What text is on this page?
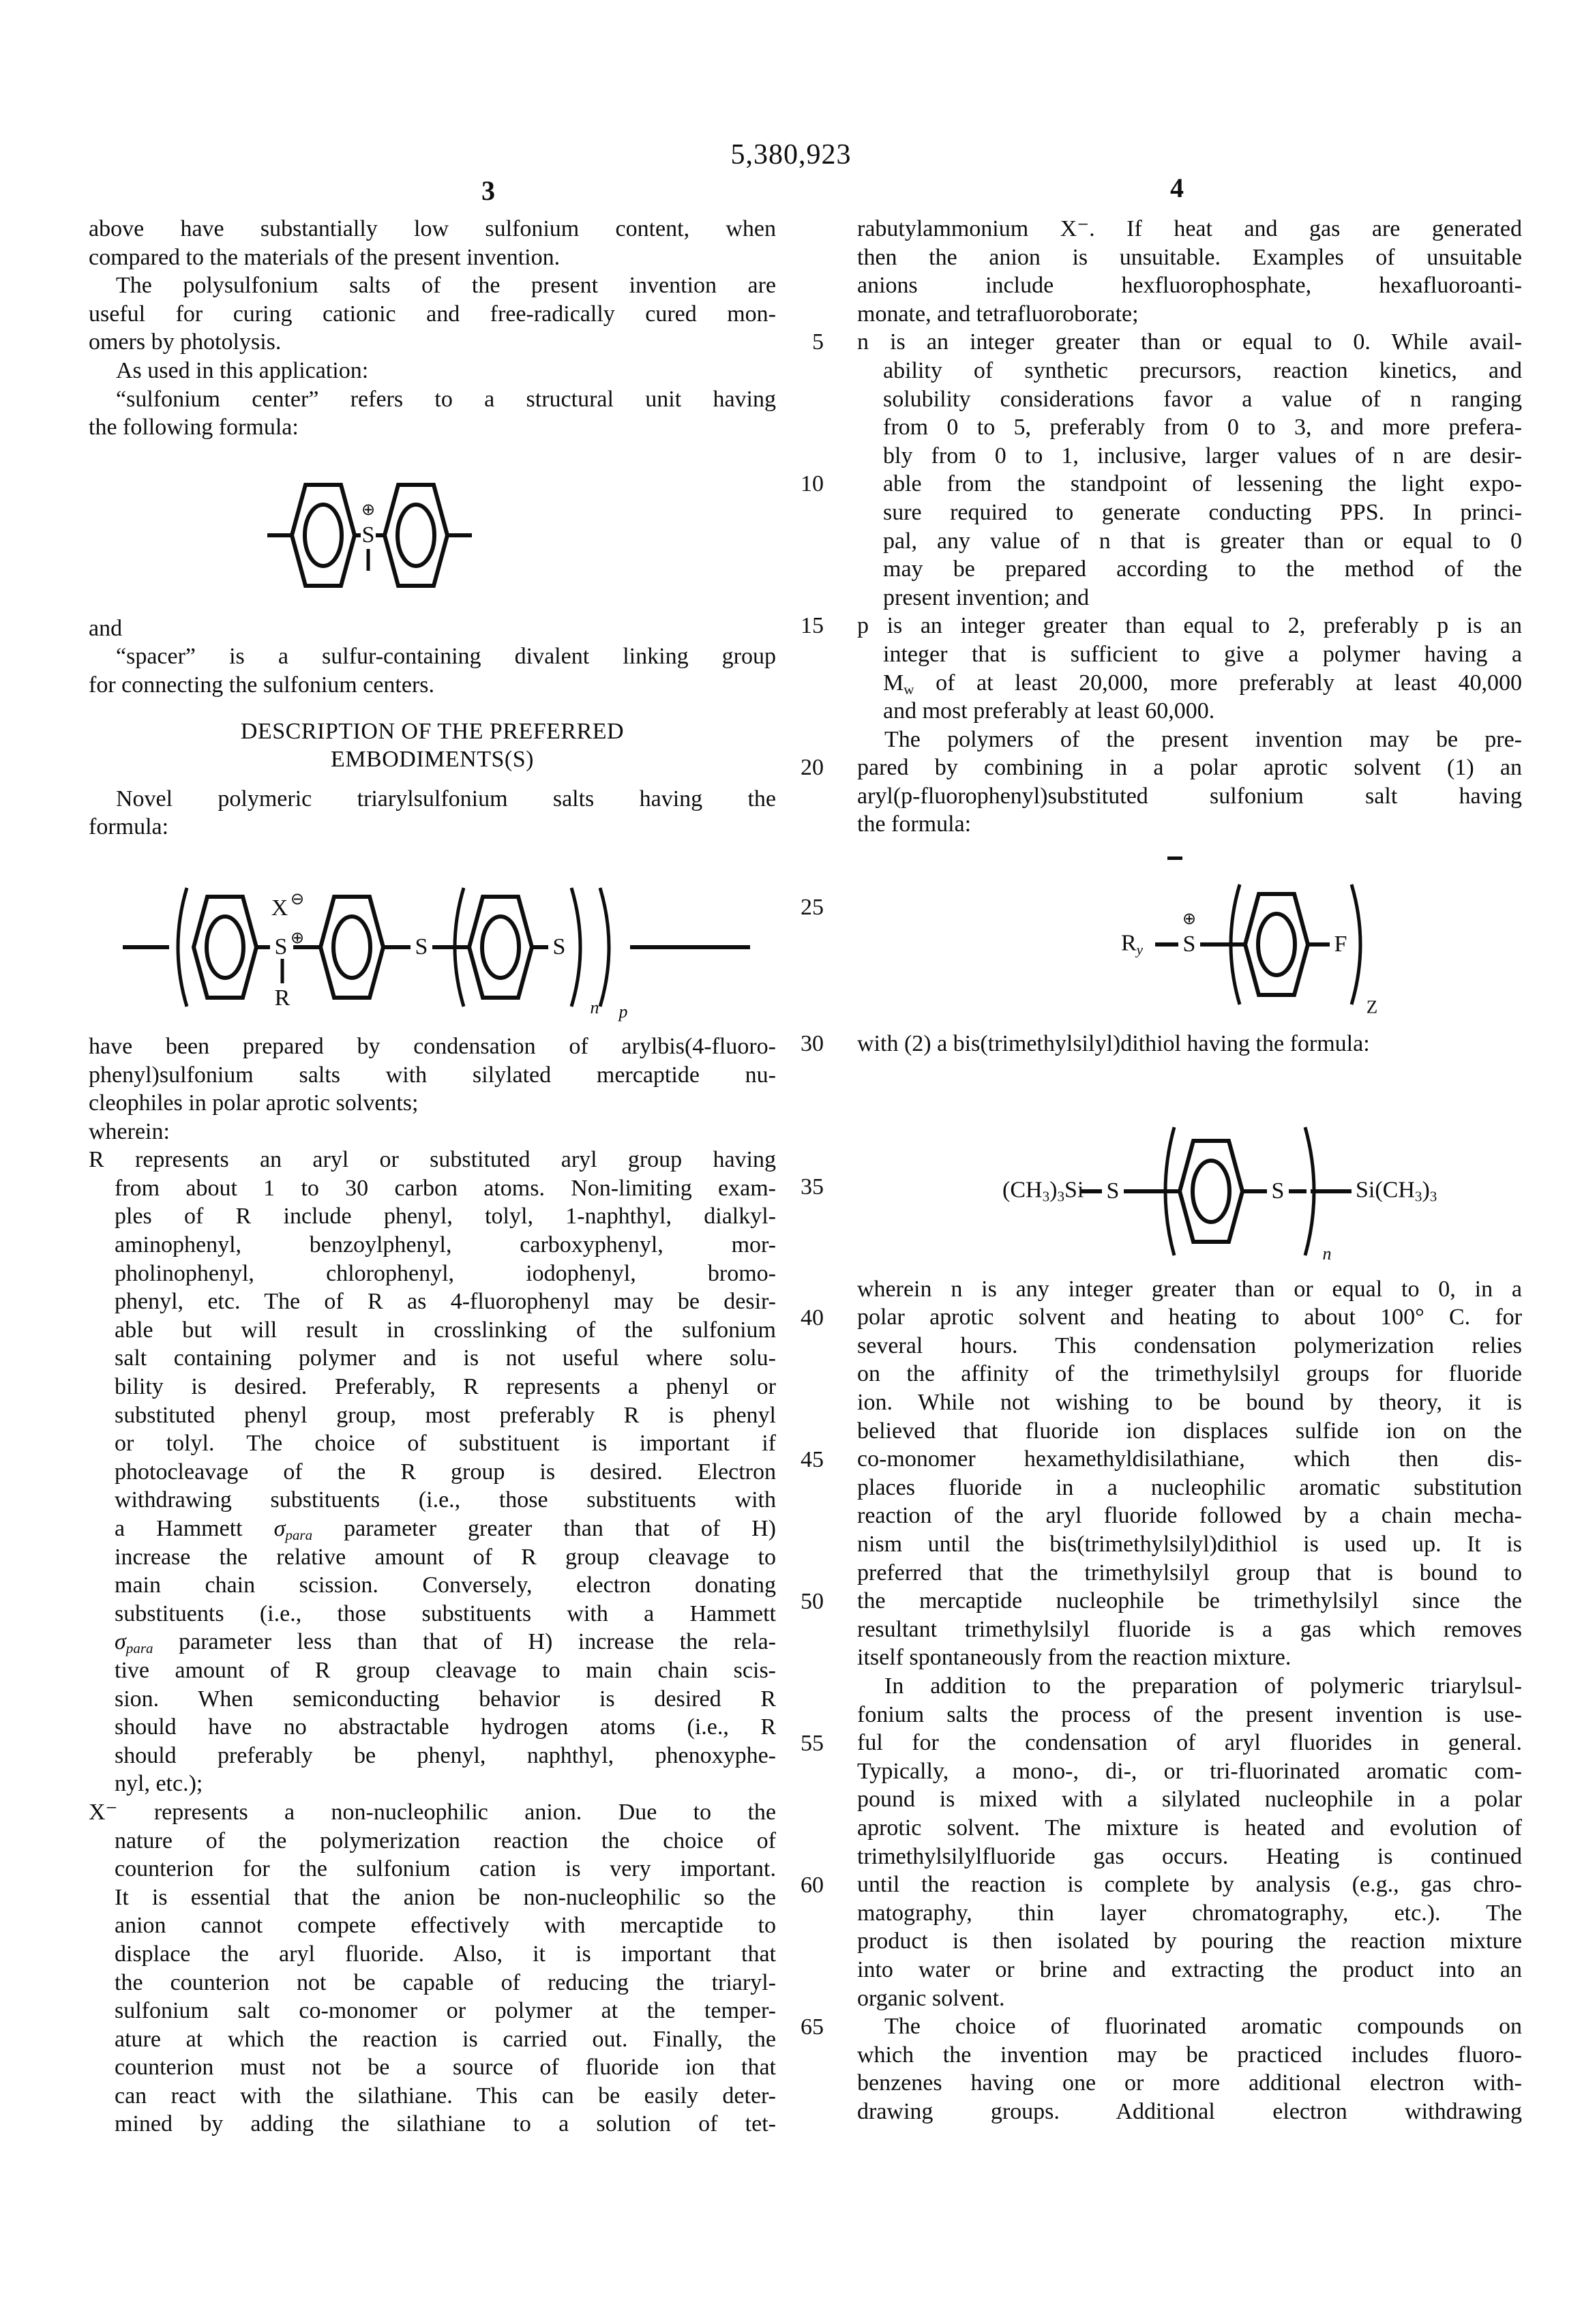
5,380,923
3	4
5
10
15
20
25
30
35
40
45
50
55
60
65
above have substantially low sulfonium content, when
compared to the materials of the present invention.
The polysulfonium salts of the present invention are
useful for curing cationic and free-radically cured mon-
omers by photolysis.
As used in this application:
“sulfonium center” refers to a structural unit having
the following formula:
⊕
S
and
“spacer” is a sulfur-containing divalent linking group
for connecting the sulfonium centers.
DESCRIPTION OF THE PREFERRED
EMBODIMENTS(S)
Novel polymeric triarylsulfonium salts having the
formula:
X ⊖
S ⊕
R
S	S
n p
have been prepared by condensation of arylbis(4-fluoro-
phenyl)sulfonium salts with silylated mercaptide nu-
cleophiles in polar aprotic solvents;
wherein:
R represents an aryl or substituted aryl group having
from about 1 to 30 carbon atoms. Non-limiting exam-
ples of R include phenyl, tolyl, 1-naphthyl, dialkyl-
aminophenyl, benzoylphenyl, carboxyphenyl, mor-
pholinophenyl, chlorophenyl, iodophenyl, bromo-
phenyl, etc. The of R as 4-fluorophenyl may be desir-
able but will result in crosslinking of the sulfonium
salt containing polymer and is not useful where solu-
bility is desired. Preferably, R represents a phenyl or
substituted phenyl group, most preferably R is phenyl
or tolyl. The choice of substituent is important if
photocleavage of the R group is desired. Electron
withdrawing substituents (i.e., those substituents with
a Hammett $\sigma_{para}$ parameter greater than that of H)
increase the relative amount of R group cleavage to
main chain scission. Conversely, electron donating
substituents (i.e., those substituents with a Hammett
$\sigma_{para}$ parameter less than that of H) increase the rela-
tive amount of R group cleavage to main chain scis-
sion. When semiconducting behavior is desired R
should have no abstractable hydrogen atoms (i.e., R
should preferably be phenyl, naphthyl, phenoxyphe-
nyl, etc.);
X⁻ represents a non-nucleophilic anion. Due to the
nature of the polymerization reaction the choice of
counterion for the sulfonium cation is very important.
It is essential that the anion be non-nucleophilic so the
anion cannot compete effectively with mercaptide to
displace the aryl fluoride. Also, it is important that
the counterion not be capable of reducing the triaryl-
sulfonium salt co-monomer or polymer at the temper-
ature at which the reaction is carried out. Finally, the
counterion must not be a source of fluoride ion that
can react with the silathiane. This can be easily deter-
mined by adding the silathiane to a solution of tet-
rabutylammonium X⁻. If heat and gas are generated
then the anion is unsuitable. Examples of unsuitable
anions include hexfluorophosphate, hexafluoroanti-
monate, and tetrafluoroborate;
n is an integer greater than or equal to 0. While avail-
ability of synthetic precursors, reaction kinetics, and
solubility considerations favor a value of n ranging
from 0 to 5, preferably from 0 to 3, and more prefera-
bly from 0 to 1, inclusive, larger values of n are desir-
able from the standpoint of lessening the light expo-
sure required to generate conducting PPS. In princi-
pal, any value of n that is greater than or equal to 0
may be prepared according to the method of the
present invention; and
p is an integer greater than equal to 2, preferably p is an
integer that is sufficient to give a polymer having a
$M_w$ of at least 20,000, more preferably at least 40,000
and most preferably at least 60,000.
The polymers of the present invention may be pre-
pared by combining in a polar aprotic solvent (1) an
aryl(p-fluorophenyl)substituted sulfonium salt having
the formula:
$R_y$
⊕
S	F
Z
with (2) a bis(trimethylsilyl)dithiol having the formula:
$(CH_3)_3Si$ S	S
n
$Si(CH_3)_3$
wherein n is any integer greater than or equal to 0, in a
polar aprotic solvent and heating to about 100° C. for
several hours. This condensation polymerization relies
on the affinity of the trimethylsilyl groups for fluoride
ion. While not wishing to be bound by theory, it is
believed that fluoride ion displaces sulfide ion on the
co-monomer hexamethyldisilathiane, which then dis-
places fluoride in a nucleophilic aromatic substitution
reaction of the aryl fluoride followed by a chain mecha-
nism until the bis(trimethylsilyl)dithiol is used up. It is
preferred that the trimethylsilyl group that is bound to
the mercaptide nucleophile be trimethylsilyl since the
resultant trimethylsilyl fluoride is a gas which removes
itself spontaneously from the reaction mixture.
In addition to the preparation of polymeric triarylsul-
fonium salts the process of the present invention is use-
ful for the condensation of aryl fluorides in general.
Typically, a mono-, di-, or tri-fluorinated aromatic com-
pound is mixed with a silylated nucleophile in a polar
aprotic solvent. The mixture is heated and evolution of
trimethylsilylfluoride gas occurs. Heating is continued
until the reaction is complete by analysis (e.g., gas chro-
matography, thin layer chromatography, etc.). The
product is then isolated by pouring the reaction mixture
into water or brine and extracting the product into an
organic solvent.
The choice of fluorinated aromatic compounds on
which the invention may be practiced includes fluoro-
benzenes having one or more additional electron with-
drawing groups. Additional electron withdrawing
